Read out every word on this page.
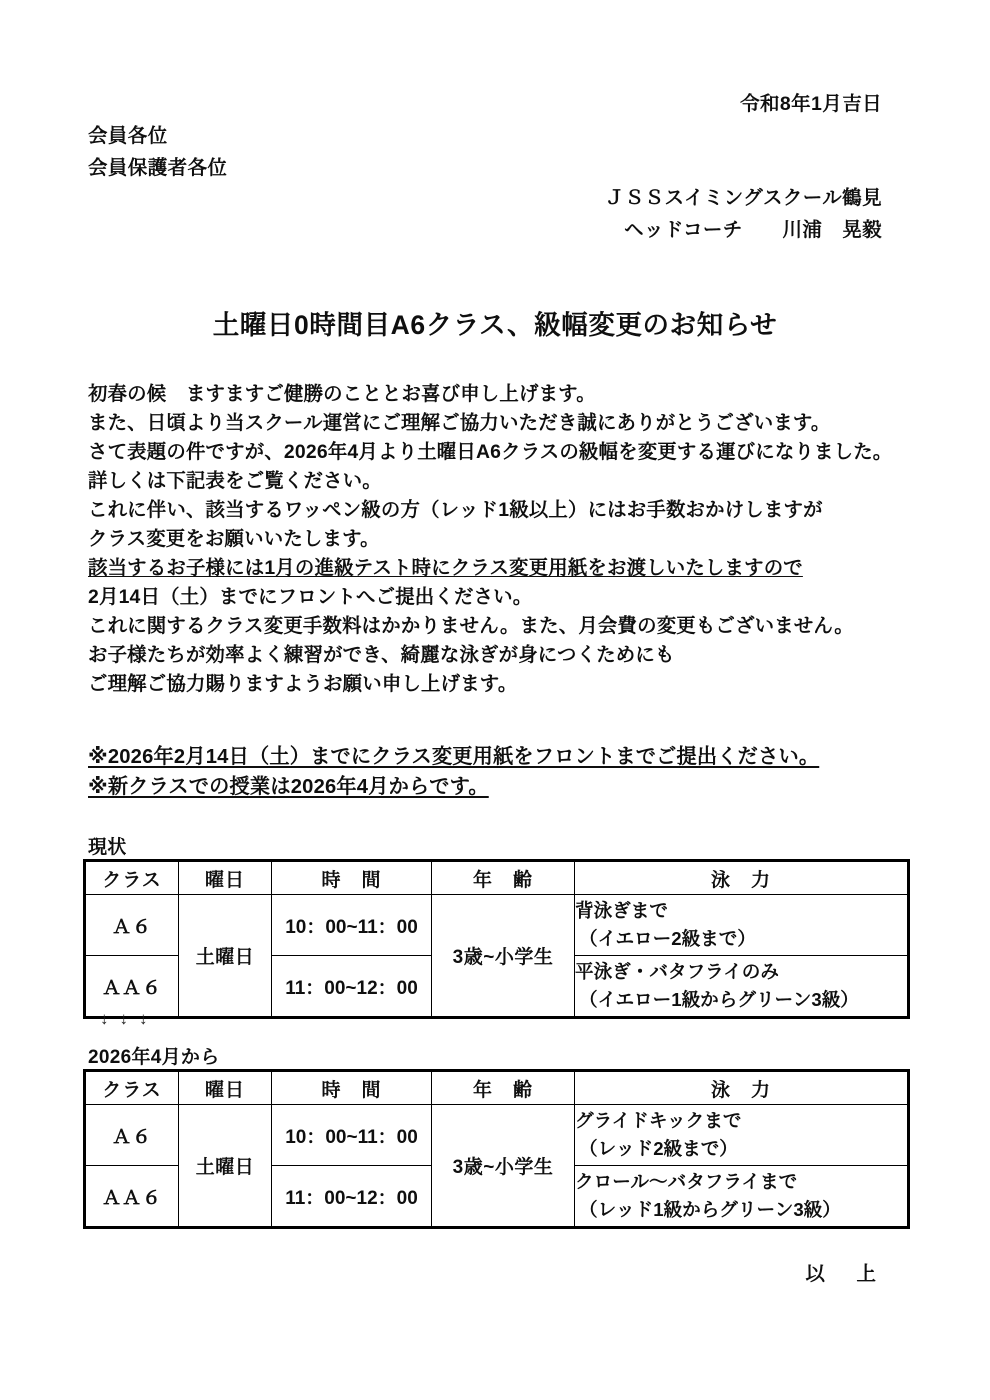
令和8年1月吉日
会員各位
会員保護者各位
ＪＳＳスイミングスクール鶴見
ヘッドコーチ　　川浦　晃毅
土曜日0時間目A6クラス、級幅変更のお知らせ
初春の候　ますますご健勝のこととお喜び申し上げます。
また、日頃より当スクール運営にご理解ご協力いただき誠にありがとうございます。
さて表題の件ですが、2026年4月より土曜日A6クラスの級幅を変更する運びになりました。
詳しくは下記表をご覧ください。
これに伴い、該当するワッペン級の方（レッド1級以上）にはお手数おかけしますが
クラス変更をお願いいたします。
該当するお子様には1月の進級テスト時にクラス変更用紙をお渡しいたしますので
2月14日（土）までにフロントへご提出ください。
これに関するクラス変更手数料はかかりません。また、月会費の変更もございません。
お子様たちが効率よく練習ができ、綺麗な泳ぎが身につくためにも
ご理解ご協力賜りますようお願い申し上げます。
※2026年2月14日（土）までにクラス変更用紙をフロントまでご提出ください。
※新クラスでの授業は2026年4月からです。
現状
クラス	曜日	時　間	年　齢	泳　力
Ａ６	土曜日	10：00~11：00	3歳~小学生	背泳ぎまで
（イエロー2級まで）

ＡＡ６		11：00~12：00		平泳ぎ・バタフライのみ
（イエロー1級からグリーン3級）
↓↓↓
2026年4月から
クラス	曜日	時　間	年　齢	泳　力
Ａ６	土曜日	10：00~11：00	3歳~小学生	グライドキックまで
（レッド2級まで）

ＡＡ６		11：00~12：00		クロール～バタフライまで
（レッド1級からグリーン3級）
以　上
